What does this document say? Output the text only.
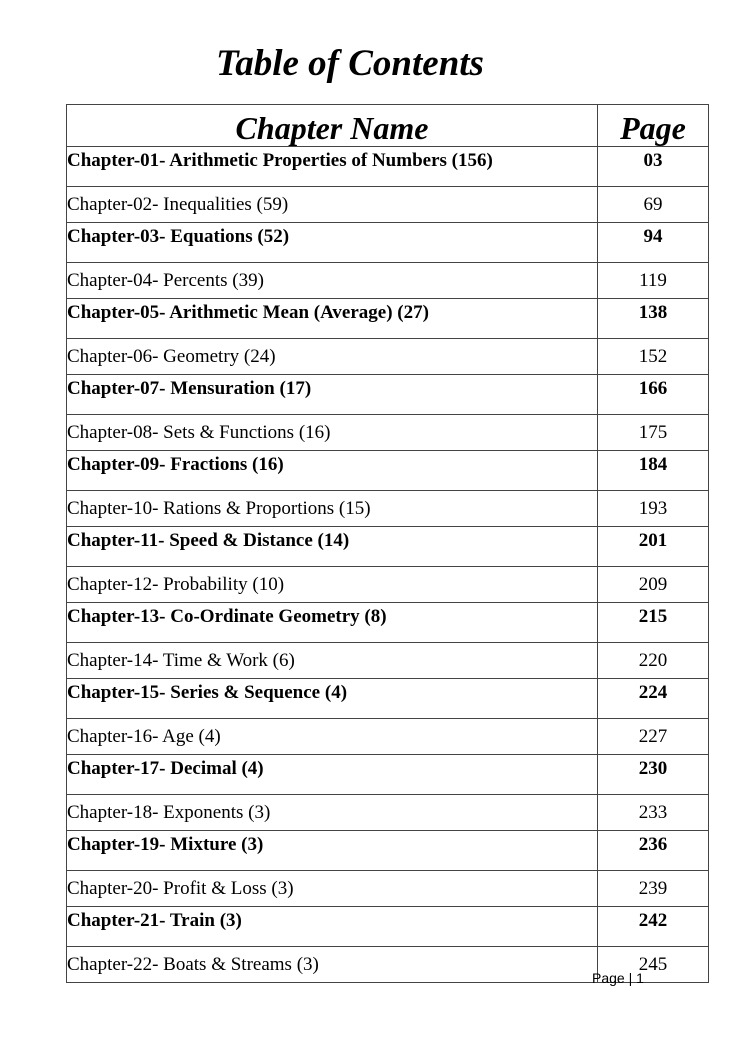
Table of Contents
Chapter Name	Page
Chapter-01- Arithmetic Properties of Numbers (156)	03
Chapter-02- Inequalities (59)	69
Chapter-03- Equations (52)	94
Chapter-04- Percents (39)	119
Chapter-05- Arithmetic Mean (Average) (27)	138
Chapter-06- Geometry (24)	152
Chapter-07- Mensuration (17)	166
Chapter-08- Sets & Functions (16)	175
Chapter-09- Fractions (16)	184
Chapter-10- Rations & Proportions (15)	193
Chapter-11- Speed & Distance (14)	201
Chapter-12- Probability (10)	209
Chapter-13- Co-Ordinate Geometry (8)	215
Chapter-14- Time & Work (6)	220
Chapter-15- Series & Sequence (4)	224
Chapter-16- Age (4)	227
Chapter-17- Decimal (4)	230
Chapter-18- Exponents (3)	233
Chapter-19- Mixture (3)	236
Chapter-20- Profit & Loss (3)	239
Chapter-21- Train (3)	242
Chapter-22- Boats & Streams (3)	245
Page | 1
